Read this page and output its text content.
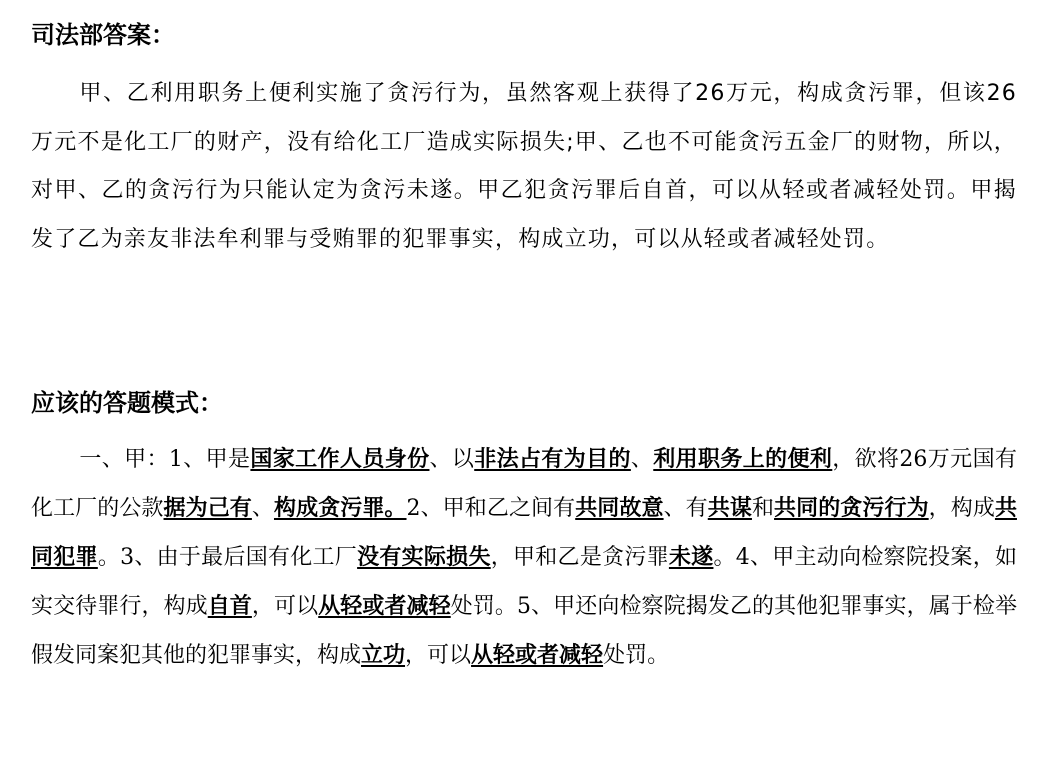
司法部答案：

甲、乙利用职务上便利实施了贪污行为，虽然客观上获得了26万元，构成贪污罪，但该26万元不是化工厂的财产，没有给化工厂造成实际损失;甲、乙也不可能贪污五金厂的财物，所以，对甲、乙的贪污行为只能认定为贪污未遂。甲乙犯贪污罪后自首，可以从轻或者减轻处罚。甲揭发了乙为亲友非法牟利罪与受贿罪的犯罪事实，构成立功，可以从轻或者减轻处罚。

应该的答题模式：

一、甲：1、甲是国家工作人员身份、以非法占有为目的、利用职务上的便利，欲将26万元国有化工厂的公款据为己有、构成贪污罪。2、甲和乙之间有共同故意、有共谋和共同的贪污行为，构成共同犯罪。3、由于最后国有化工厂没有实际损失，甲和乙是贪污罪未遂。4、甲主动向检察院投案，如实交待罪行，构成自首，可以从轻或者减轻处罚。5、甲还向检察院揭发乙的其他犯罪事实，属于检举假发同案犯其他的犯罪事实，构成立功，可以从轻或者减轻处罚。
